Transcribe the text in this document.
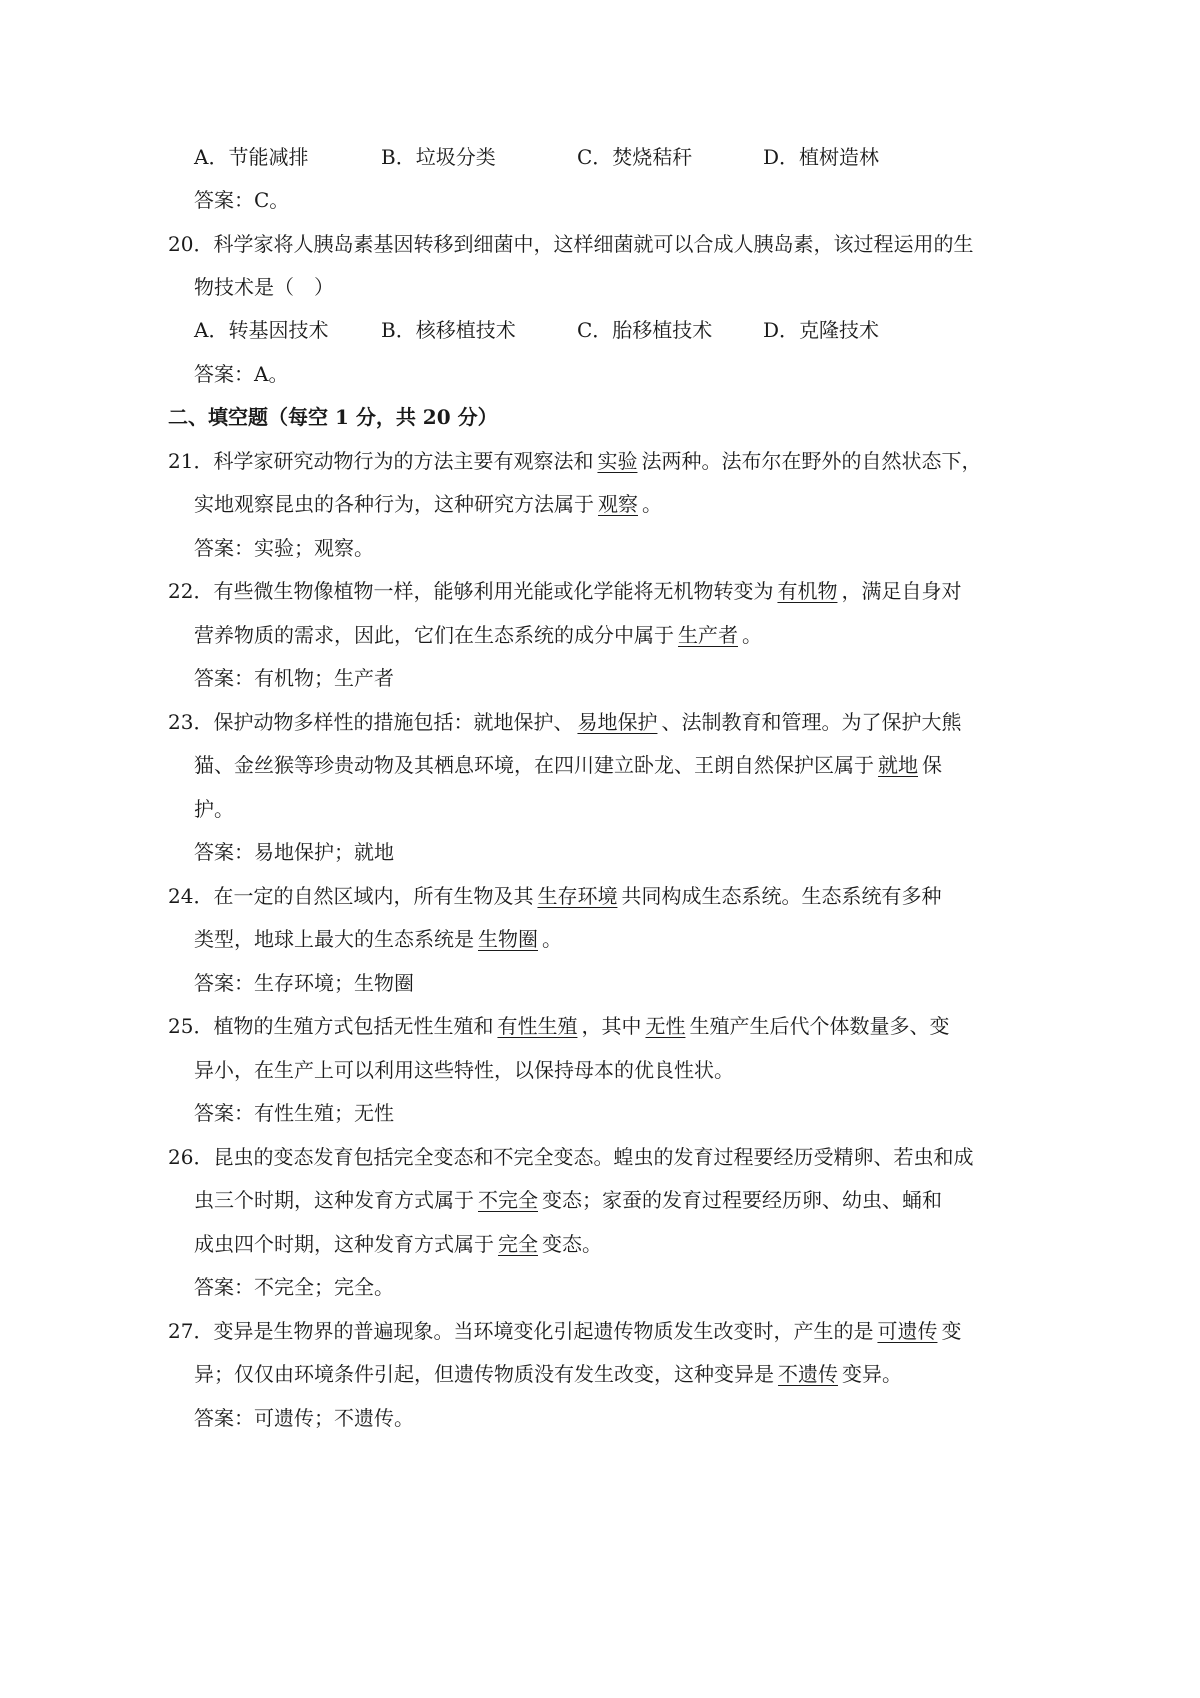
A．节能减排	B．垃圾分类	C．焚烧秸秆	D．植树造林
答案：C。
20．科学家将人胰岛素基因转移到细菌中，这样细菌就可以合成人胰岛素，该过程运用的生
物技术是（　）
A．转基因技术	B．核移植技术	C．胎移植技术	D．克隆技术
答案：A。
二、填空题（每空 1 分，共 20 分）
21．科学家研究动物行为的方法主要有观察法和 实验 法两种。法布尔在野外的自然状态下，
实地观察昆虫的各种行为，这种研究方法属于 观察 。
答案：实验；观察。
22．有些微生物像植物一样，能够利用光能或化学能将无机物转变为 有机物 ，满足自身对
营养物质的需求，因此，它们在生态系统的成分中属于 生产者 。
答案：有机物；生产者
23．保护动物多样性的措施包括：就地保护、 易地保护 、法制教育和管理。为了保护大熊
猫、金丝猴等珍贵动物及其栖息环境，在四川建立卧龙、王朗自然保护区属于 就地 保
护。
答案：易地保护；就地
24．在一定的自然区域内，所有生物及其 生存环境 共同构成生态系统。生态系统有多种
类型，地球上最大的生态系统是 生物圈 。
答案：生存环境；生物圈
25．植物的生殖方式包括无性生殖和 有性生殖 ，其中 无性 生殖产生后代个体数量多、变
异小，在生产上可以利用这些特性，以保持母本的优良性状。
答案：有性生殖；无性
26．昆虫的变态发育包括完全变态和不完全变态。蝗虫的发育过程要经历受精卵、若虫和成
虫三个时期，这种发育方式属于 不完全 变态；家蚕的发育过程要经历卵、幼虫、蛹和
成虫四个时期，这种发育方式属于 完全 变态。
答案：不完全；完全。
27．变异是生物界的普遍现象。当环境变化引起遗传物质发生改变时，产生的是 可遗传 变
异；仅仅由环境条件引起，但遗传物质没有发生改变，这种变异是 不遗传 变异。
答案：可遗传；不遗传。
